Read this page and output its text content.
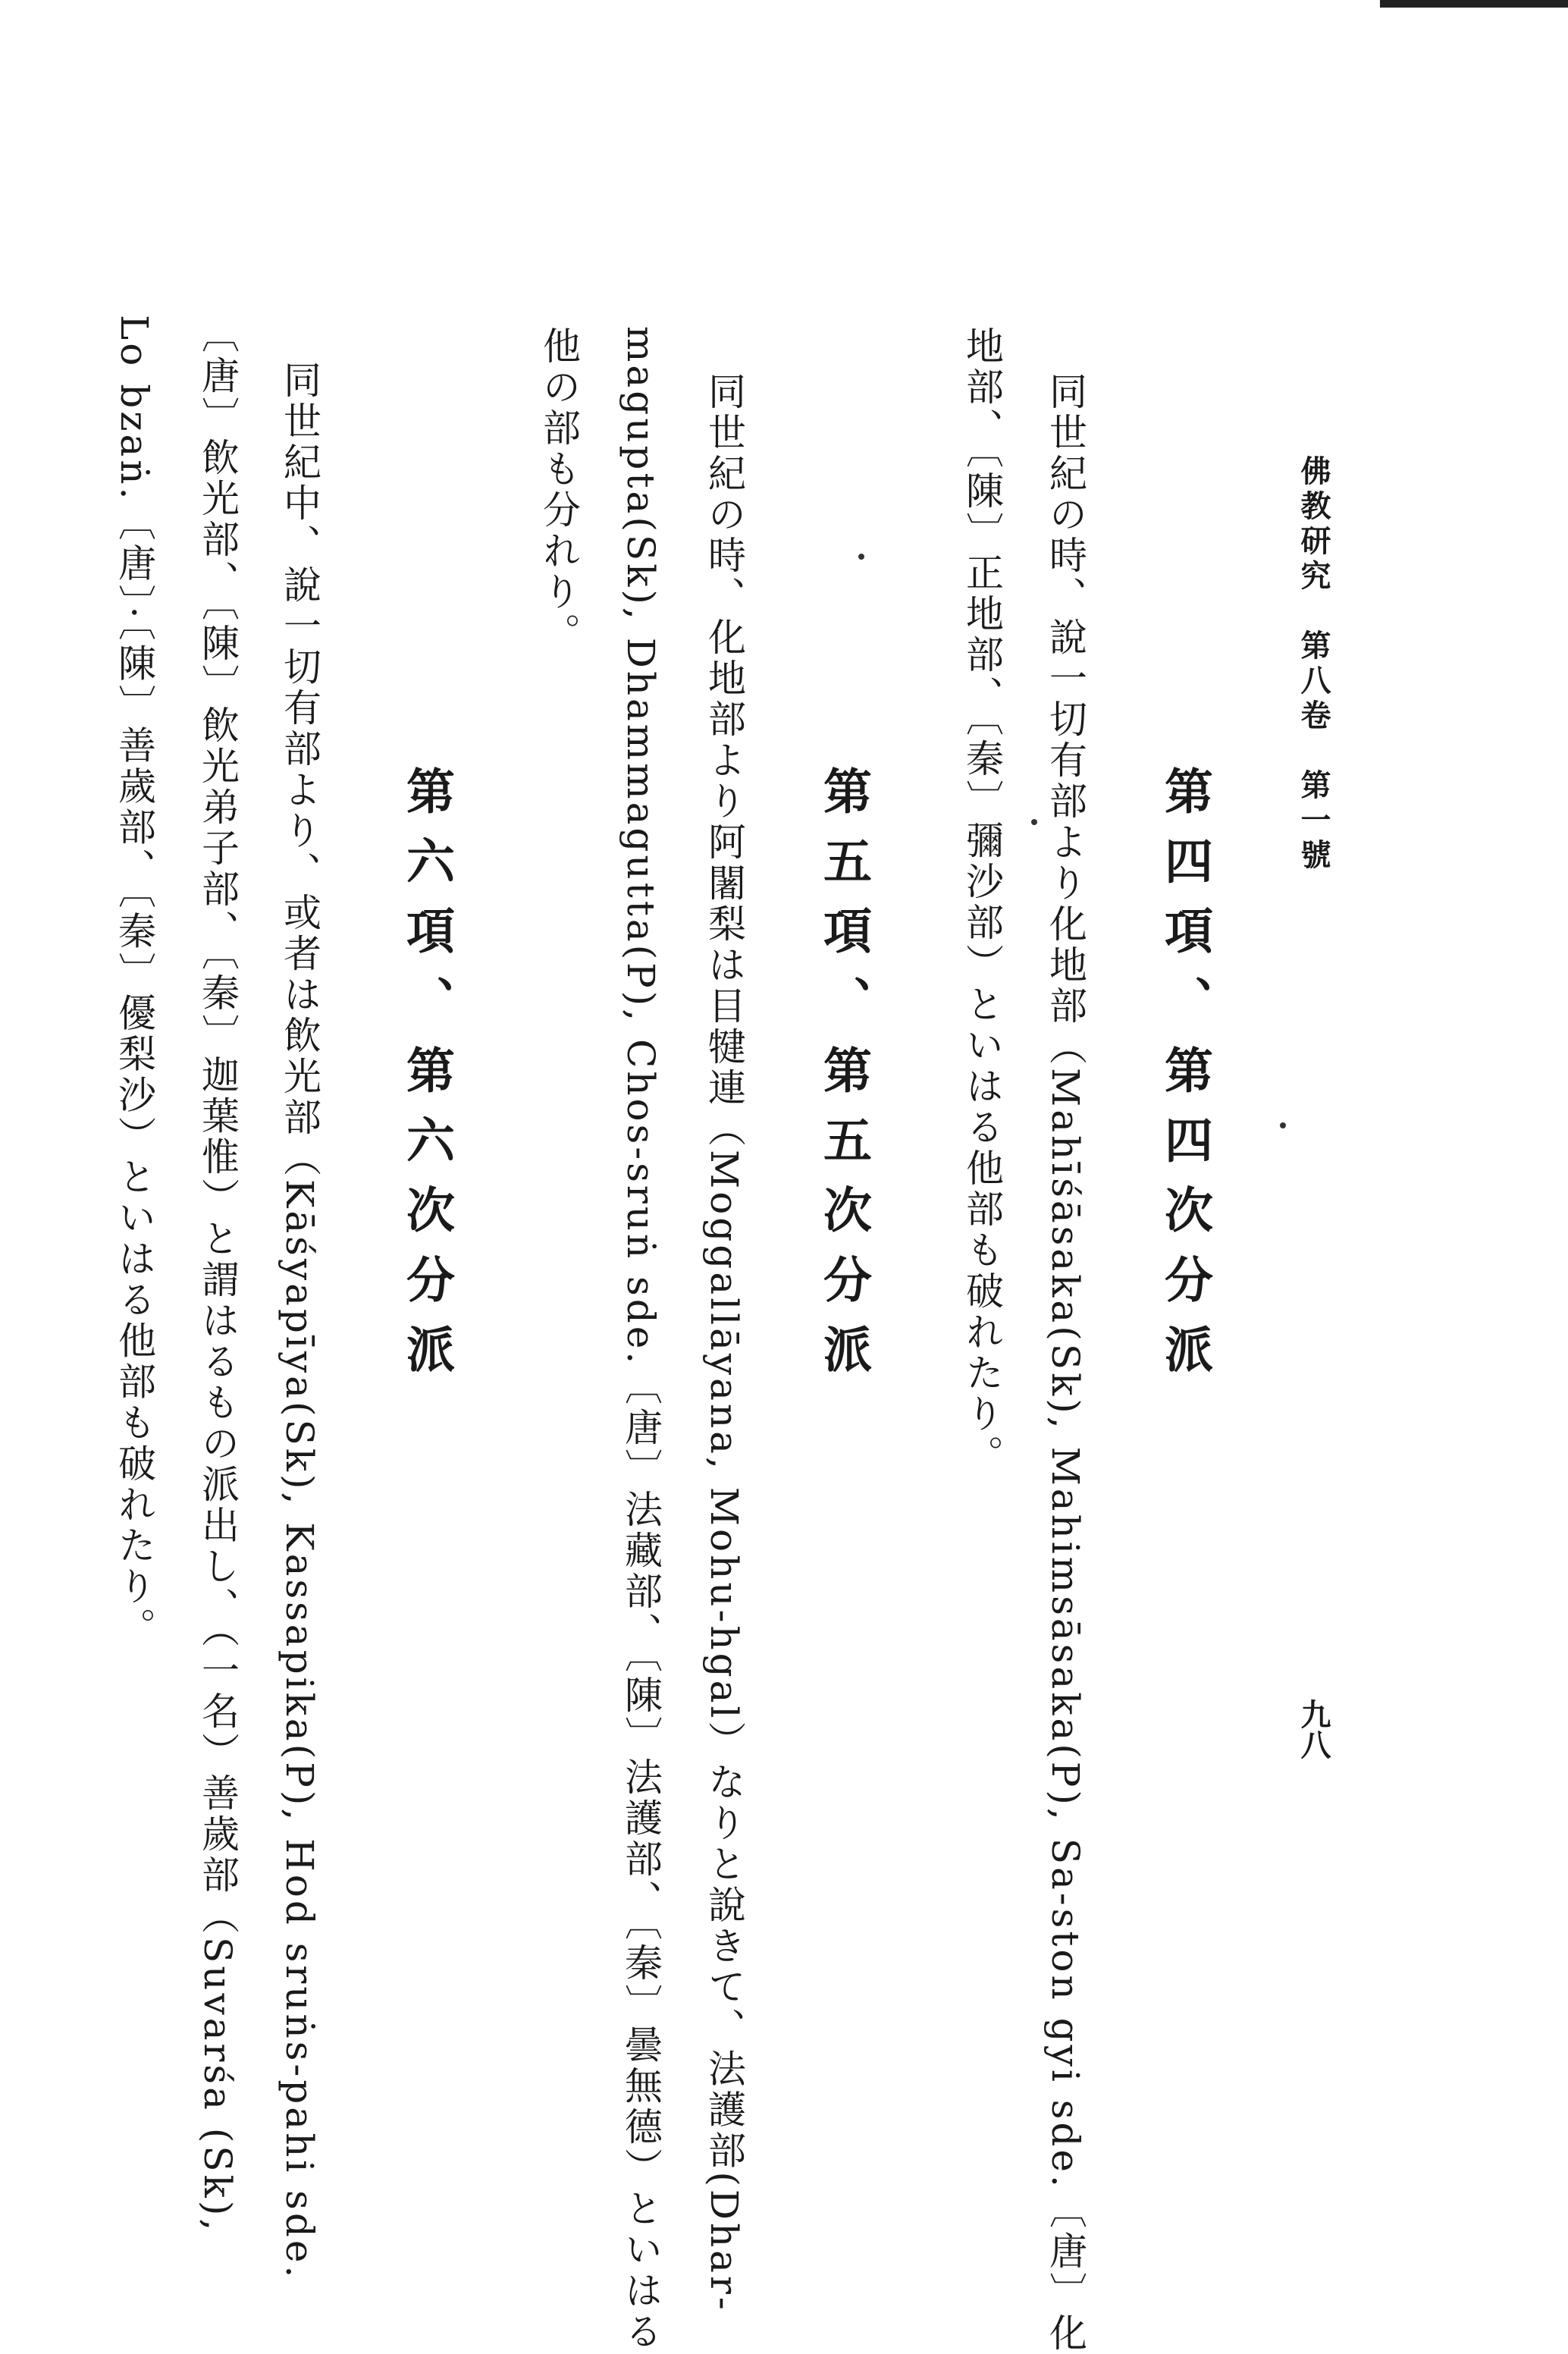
佛教研究　第八卷　第一號
九八
第四項、第四次分派
同世紀の時、說一切有部より化地部（Mahīśāsaka(Sk), Mahimsāsaka(P), Sa-ston gyi sde.〔唐〕化
地部、〔陳〕正地部、〔秦〕彌沙部）といはる他部も破れたり。
第五項、第五次分派
同世紀の時、化地部より阿闍梨は目犍連（Moggallāyana, Mohu-hgal）なりと說きて、法護部(Dhar-
maguptа(Sk), Dhammagutta(P), Chos-sruṅ sde.〔唐〕法藏部、〔陳〕法護部、〔秦〕曇無德）といはる
他の部も分れり。
第六項、第六次分派
同世紀中、說一切有部より、或者は飲光部（Kāśyapīya(Sk), Kassapika(P), Hod sruṅs-pahi sde.
〔唐〕飲光部、〔陳〕飲光弟子部、〔秦〕迦葉惟）と謂はるもの派出し、（一名）善歲部（Suvarśa (Sk),
Lo bzaṅ.〔唐〕·〔陳〕善歲部、〔秦〕優梨沙）といはる他部も破れたり。
